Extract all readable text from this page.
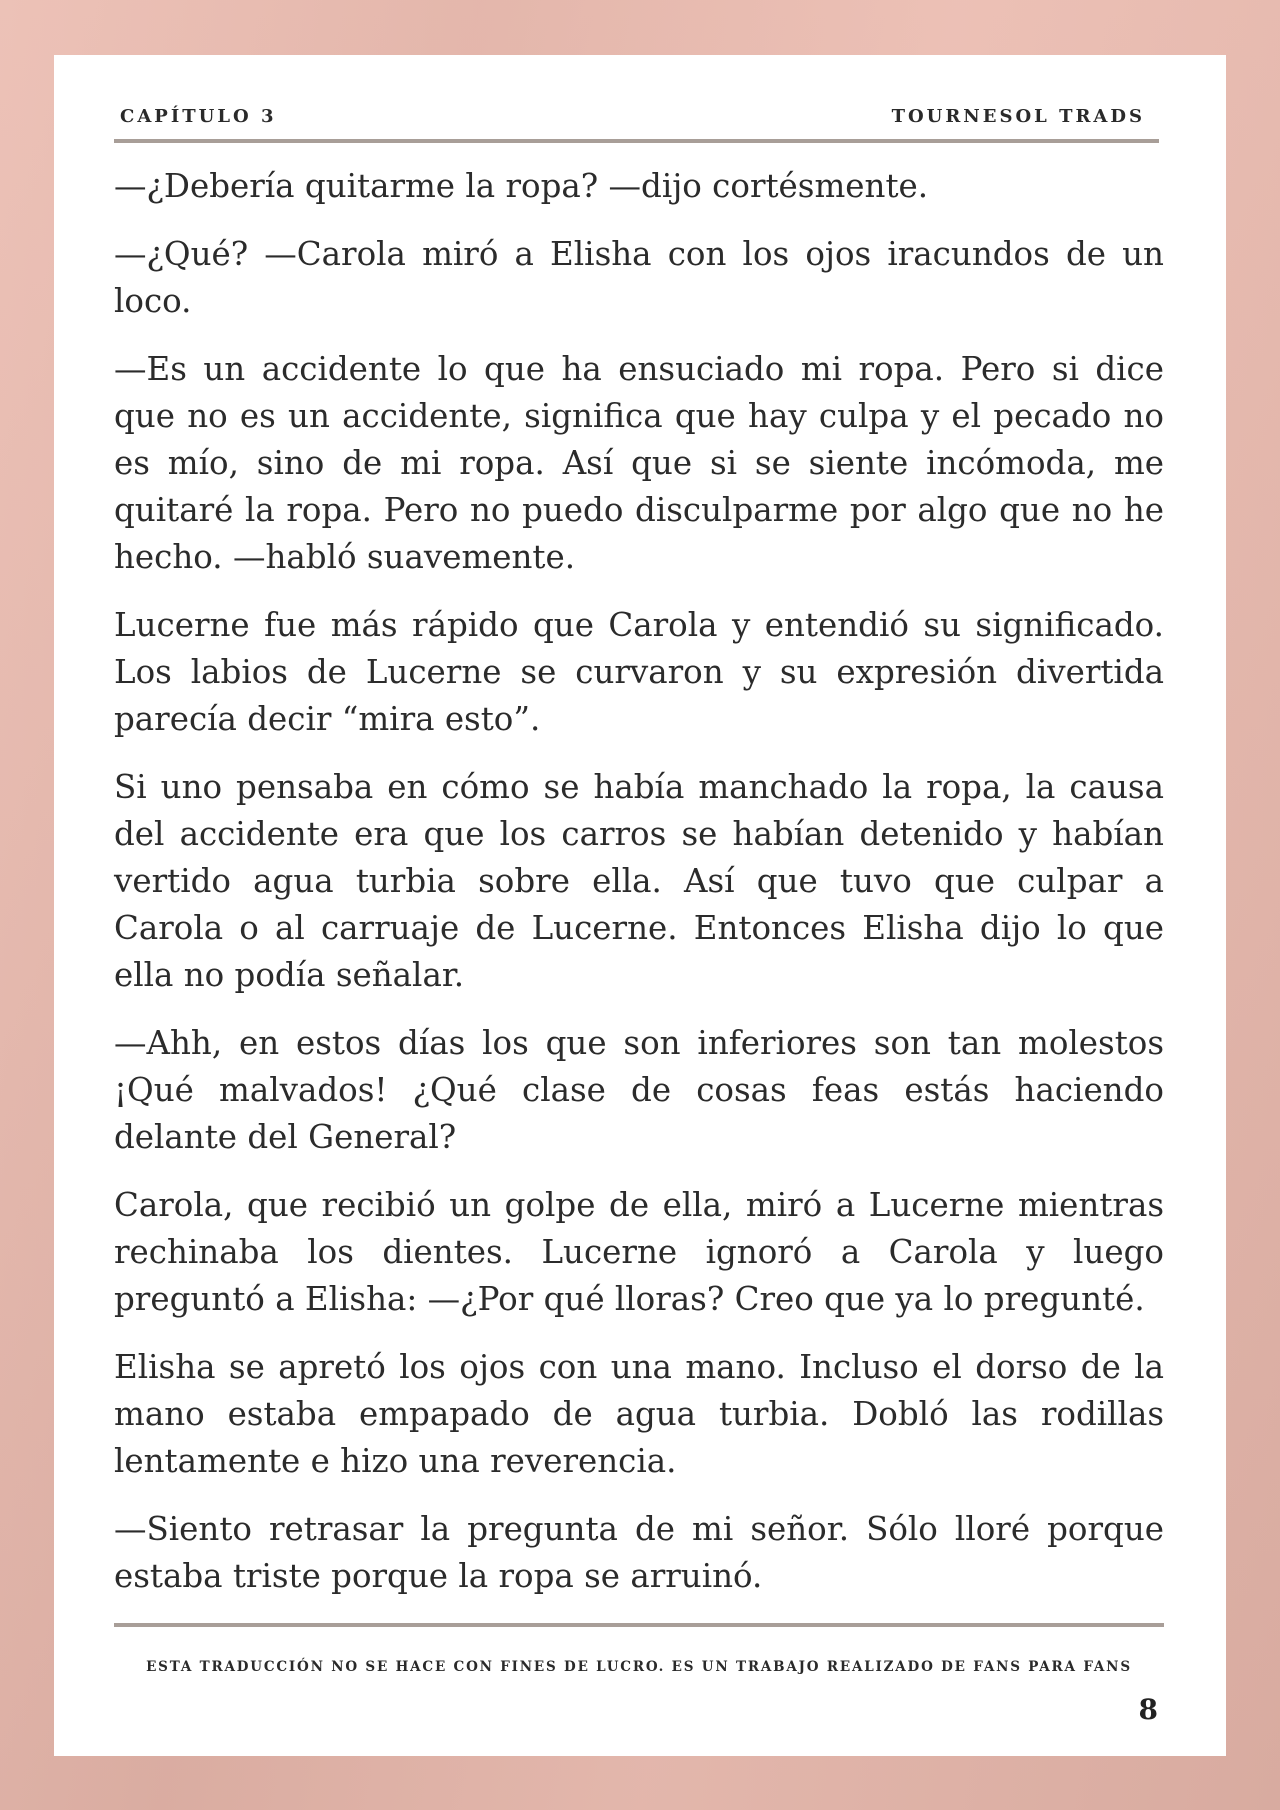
CAPÍTULO 3	TOURNESOL TRADS

—¿Debería quitarme la ropa? —dijo cortésmente.

—¿Qué? —Carola miró a Elisha con los ojos iracundos de un loco.

—Es un accidente lo que ha ensuciado mi ropa. Pero si dice que no es un accidente, significa que hay culpa y el pecado no es mío, sino de mi ropa. Así que si se siente incómoda, me quitaré la ropa. Pero no puedo disculparme por algo que no he hecho. —habló suavemente.

Lucerne fue más rápido que Carola y entendió su significado. Los labios de Lucerne se curvaron y su expresión divertida parecía decir “mira esto”.

Si uno pensaba en cómo se había manchado la ropa, la causa del accidente era que los carros se habían detenido y habían vertido agua turbia sobre ella. Así que tuvo que culpar a Carola o al carruaje de Lucerne. Entonces Elisha dijo lo que ella no podía señalar.

—Ahh, en estos días los que son inferiores son tan molestos ¡Qué malvados! ¿Qué clase de cosas feas estás haciendo delante del General?

Carola, que recibió un golpe de ella, miró a Lucerne mientras rechinaba los dientes. Lucerne ignoró a Carola y luego preguntó a Elisha: —¿Por qué lloras? Creo que ya lo pregunté.

Elisha se apretó los ojos con una mano. Incluso el dorso de la mano estaba empapado de agua turbia. Dobló las rodillas lentamente e hizo una reverencia.

—Siento retrasar la pregunta de mi señor. Sólo lloré porque estaba triste porque la ropa se arruinó.

ESTA TRADUCCIÓN NO SE HACE CON FINES DE LUCRO. ES UN TRABAJO REALIZADO DE FANS PARA FANS
8
